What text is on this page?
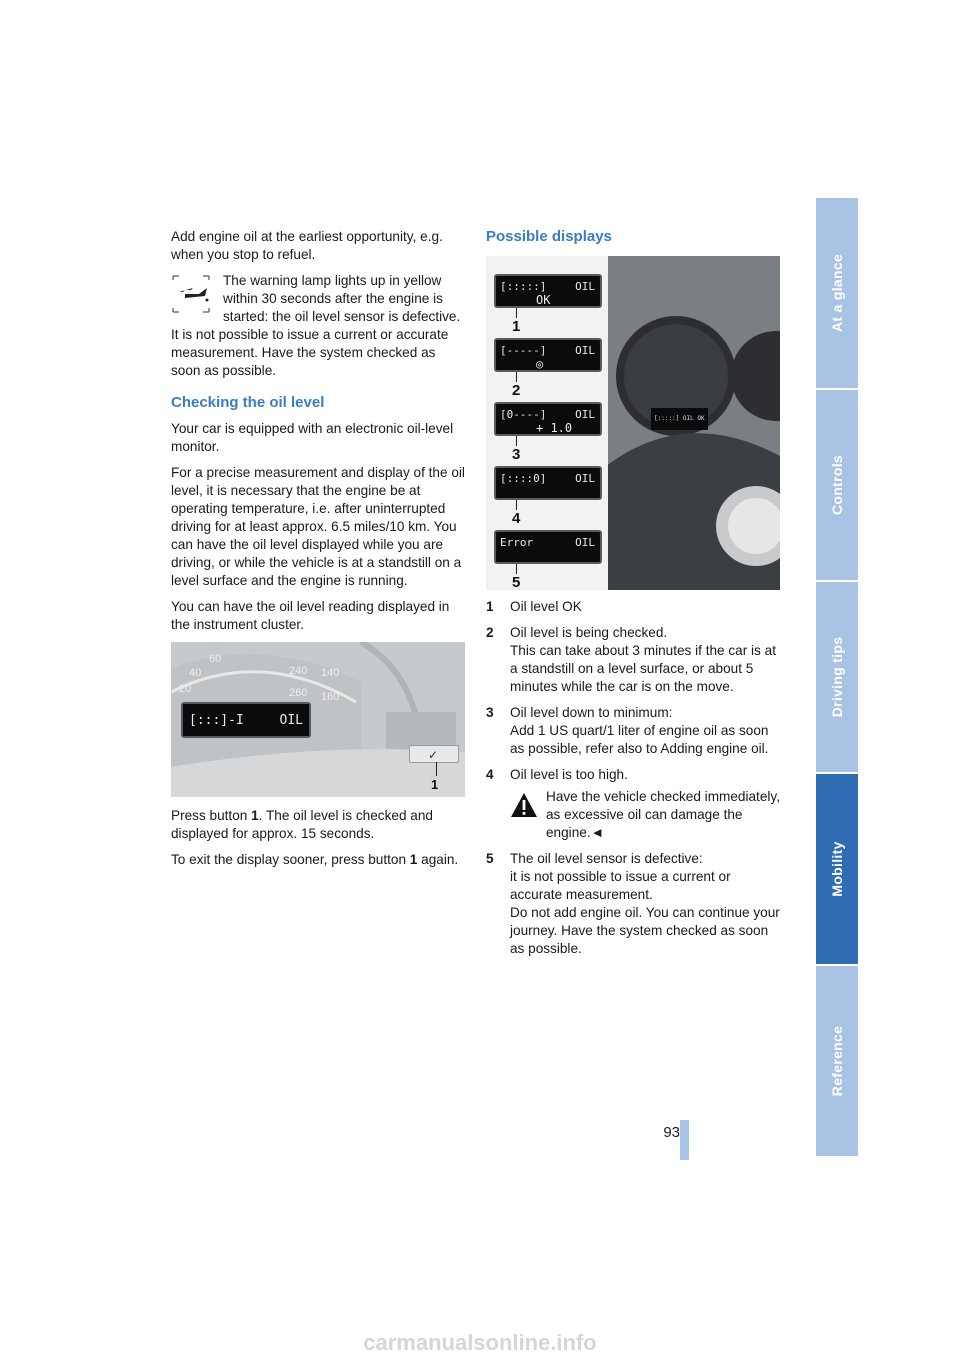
Add engine oil at the earliest opportunity, e.g. when you stop to refuel.

The warning lamp lights up in yellow within 30 seconds after the engine is started: the oil level sensor is defective.

It is not possible to issue a current or accurate measurement. Have the system checked as soon as possible.

Checking the oil level

Your car is equipped with an electronic oil-level monitor.

For a precise measurement and display of the oil level, it is necessary that the engine be at operating temperature, i.e. after uninterrupted driving for at least approx. 6.5 miles/10 km. You can have the oil level displayed while you are driving, or while the vehicle is at a standstill on a level surface and the engine is running.

You can have the oil level reading displayed in the instrument cluster.

60
40
20
240 140
160
260
[:::]-I	OIL
✓
1

Press button 1. The oil level is checked and displayed for approx. 15 seconds.

To exit the display sooner, press button 1 again.

Possible displays
[:::::]	OIL
OK
1
[-----]	OIL
◎
2
[0----]	OIL
+ 1.0
3
[::::0]	OIL
4
Error	OIL
5
[:::::] OIL OK
1 Oil level OK
2 Oil level is being checked.
This can take about 3 minutes if the car is at a standstill on a level surface, or about 5 minutes while the car is on the move.
3 Oil level down to minimum:
Add 1 US quart/1 liter of engine oil as soon as possible, refer also to Adding engine oil.
4 Oil level is too high.
Have the vehicle checked immediately, as excessive oil can damage the engine.◄
5 The oil level sensor is defective:
it is not possible to issue a current or accurate measurement.
Do not add engine oil. You can continue your journey. Have the system checked as soon as possible.
At a glance
Controls
Driving tips
Mobility
Reference
93
carmanualsonline.info
